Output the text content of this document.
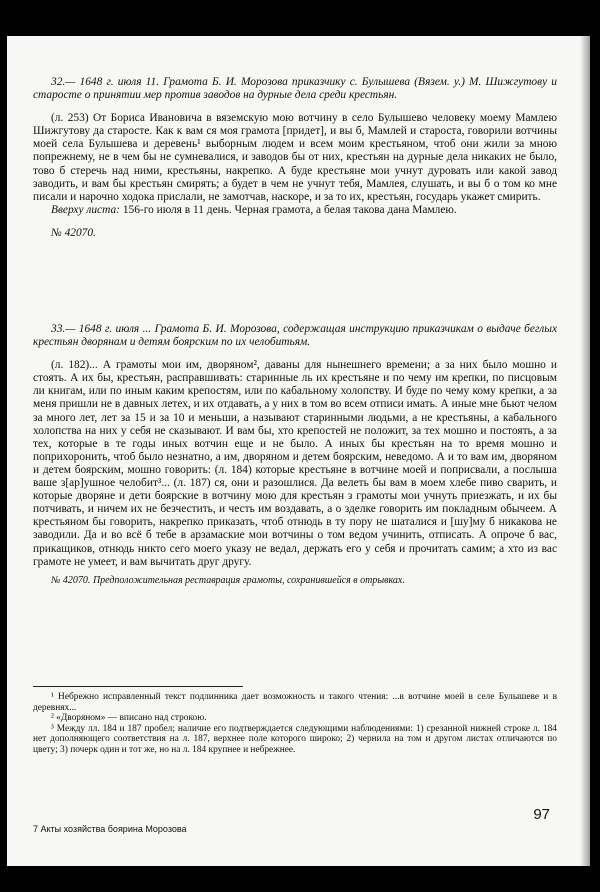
32.— 1648 г. июля 11. Грамота Б. И. Морозова приказчику с. Булышева (Вязем. у.) М. Шижгутову и старосте о принятии мер против заводов на дурные дела среди крестьян.
(л. 253) От Бориса Ивановича в вяземскую мою вотчину в село Булышево человеку моему Мамлею Шижгутову да старосте. Как к вам ся моя грамота [придет], и вы б, Мамлей и староста, говорили вотчины моей села Булышева и деревень¹ выборным людем и всем моим крестьяном, чтоб они жили за мною попрежнему, не в чем бы не сумневалися, и заводов бы от них, крестьян на дурные дела никаких не было, тово б стеречь над ними, крестьяны, накрепко. А буде крестьяне мои учнут дуровать или какой завод заводить, и вам бы крестьян смирять; а будет в чем не учнут тебя, Мамлея, слушать, и вы б о том ко мне писали и нарочно ходока прислали, не замотчав, наскоре, и за то их, крестьян, государь укажет смирить.
Вверху листа: 156-го июля в 11 день. Черная грамота, а белая такова дана Мамлею.
№ 42070.
33.— 1648 г. июля ... Грамота Б. И. Морозова, содержащая инструкцию приказчикам о выдаче беглых крестьян дворянам и детям боярским по их челобитьям.
(л. 182)... А грамоты мои им, дворяном², даваны для нынешнего времени; а за них было мошно и стоять. А их бы, крестьян, расправшивать: старинные ль их крестьяне и по чему им крепки, по писцовым ли книгам, или по иным каким крепостям, или по кабальному холопству. И буде по чему кому крепки, а за меня пришли не в давных летех, и их отдавать, а у них в том во всем отписи имать. А иные мне бьют челом за много лет, лет за 15 и за 10 и меньши, а называют старинными людьми, а не крестьяны, а кабального холопства на них у себя не сказывают. И вам бы, хто крепостей не положит, за тех мошно и постоять, а за тех, которые в те годы иных вотчин еще и не было. А иных бы крестьян на то время мошно и поприхоронить, чтоб было незнатно, а им, дворяном и детем боярским, неведомо. А и то вам им, дворяном и детем боярским, мошно говорить: (л. 184) которые крестьяне в вотчине моей и поприсвали, а послыша ваше з[ар]ушное челобит³... (л. 187) ся, они и разошлися. Да велеть бы вам в моем хлебе пиво сварить, и которые дворяне и дети боярские в вотчину мою для крестьян з грамоты мои учнуть приезжать, и их бы потчивать, и ничем их не безчестить, и честь им воздавать, а о зделке говорить им покладным обычеем. А крестьяном бы говорить, накрепко приказать, чтоб отнюдь в ту пору не шаталися и [шу]му б никакова не заводили. Да и во всё б тебе в арзамаские мои вотчины о том ведом учинить, отписать. А опроче б вас, прикащиков, отнюдь никто сего моего указу не ведал, держать его у себя и прочитать самим; а хто из вас грамоте не умеет, и вам вычитать друг другу.
№ 42070. Предположительная реставрация грамоты, сохранившейся в отрывках.

¹ Небрежно исправленный текст подлинника дает возможность и такого чтения: ...в вотчине моей в селе Булышеве и в деревнях...

² «Дворяном» — вписано над строкою.

³ Между лл. 184 и 187 пробел; наличие его подтверждается следующими наблюдениями: 1) срезанной нижней строке л. 184 нет дополняющего соответствия на л. 187, верхнее поле которого широко; 2) чернила на том и другом листах отличаются по цвету; 3) почерк один и тот же, но на л. 184 крупнее и небрежнее.

7 Акты хозяйства боярина Морозова
97
